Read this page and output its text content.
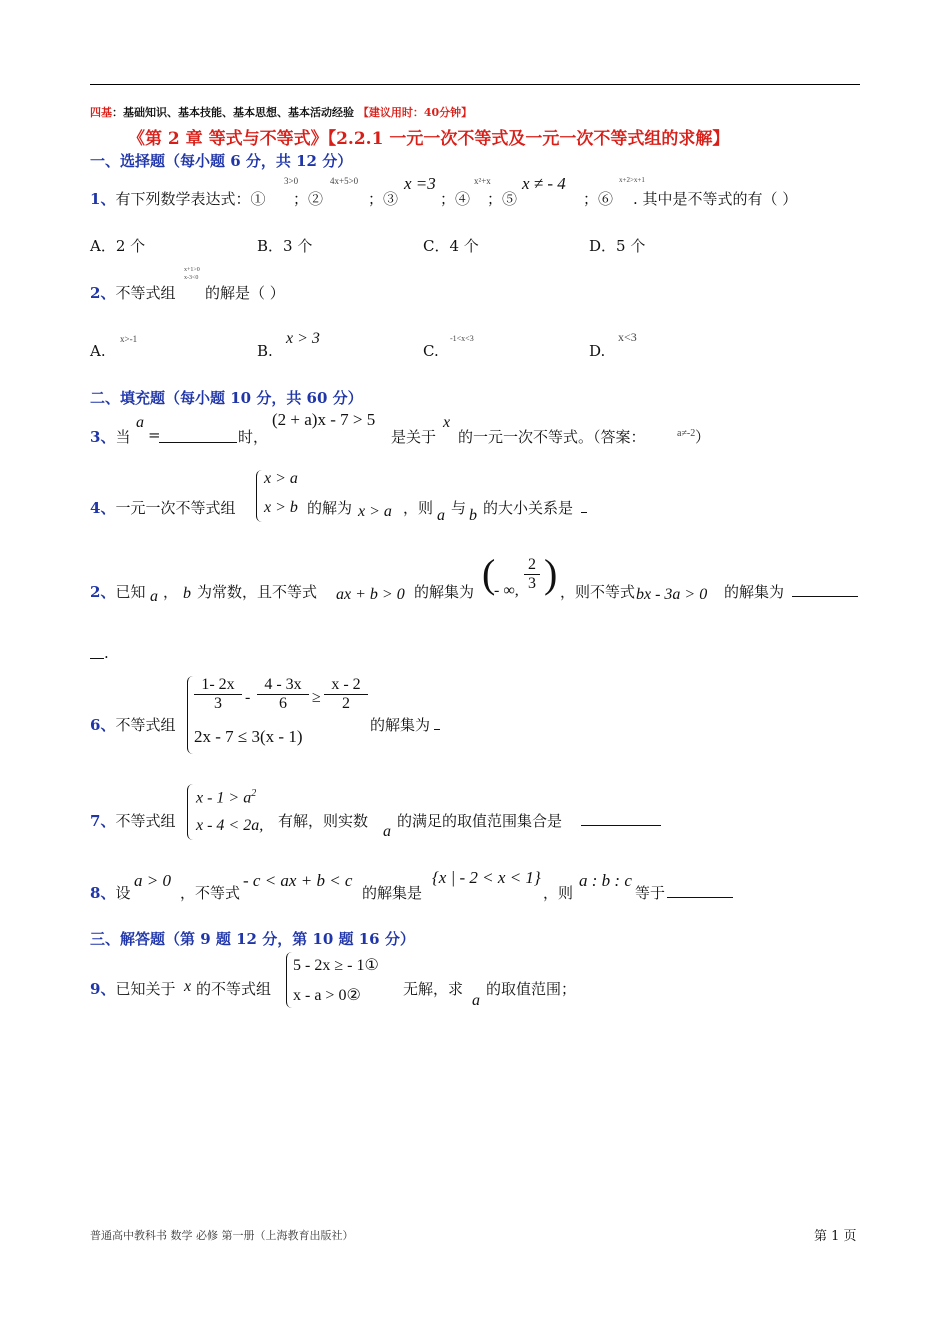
四基：基础知识、基本技能、基本思想、基本活动经验 【建议用时：40分钟】
《第 2 章 等式与不等式》【2.2.1 一元一次不等式及一元一次不等式组的求解】
一、选择题（每小题 6 分，共 12 分）
1、有下列数学表达式：①
3>0
；②
4x+5>0
；③
x =3
；④
x²+x
；⑤
x ≠ - 4
；⑥
x+2>x+1
. 其中是不等式的有（ ）
A．2 个	B．3 个	C．4 个	D．5 个
2、不等式组
x+1>0
x-3<0
的解是（ ）
A.
x>-1
B.
x > 3
C.
-1<x<3
D.
x<3
二、填充题（每小题 10 分，共 60 分）
3、当
a
=	时，
(2 + a)x - 7 > 5
是关于
x
的一元一次不等式。（答案：	a≠-2 ）
4、一元一次不等式组
x > a
x > b 的解为 x > a ，则 a 与 b 的大小关系是
2、已知 a ， b 为常数，且不等式 ax + b > 0 的解集为 (
- ∞, $\frac{2}{3}$ ) ，则不等式 bx - 3a > 0 的解集为
.
6、不等式组
$\frac{1- 2x}{3} - \frac{4 - 3x}{6} \ge \frac{x - 2}{2}$
2x - 7 ≤ 3(x - 1)
的解集为
7、不等式组
$x - 1 > a^2$
x - 4 < 2a, 有解，则实数
a
的满足的取值范围集合是
8、设
a > 0
，不等式
- c < ax + b < c
的解集是
{x | - 2 < x < 1}
，则
a : b : c
等于
三、解答题（第 9 题 12 分，第 10 题 16 分）
9、已知关于 x 的不等式组
5 - 2x ≥ - 1①
x - a > 0②	无解，求
a
的取值范围；
普通高中教科书 数学 必修 第一册（上海教育出版社）	第 1 页
